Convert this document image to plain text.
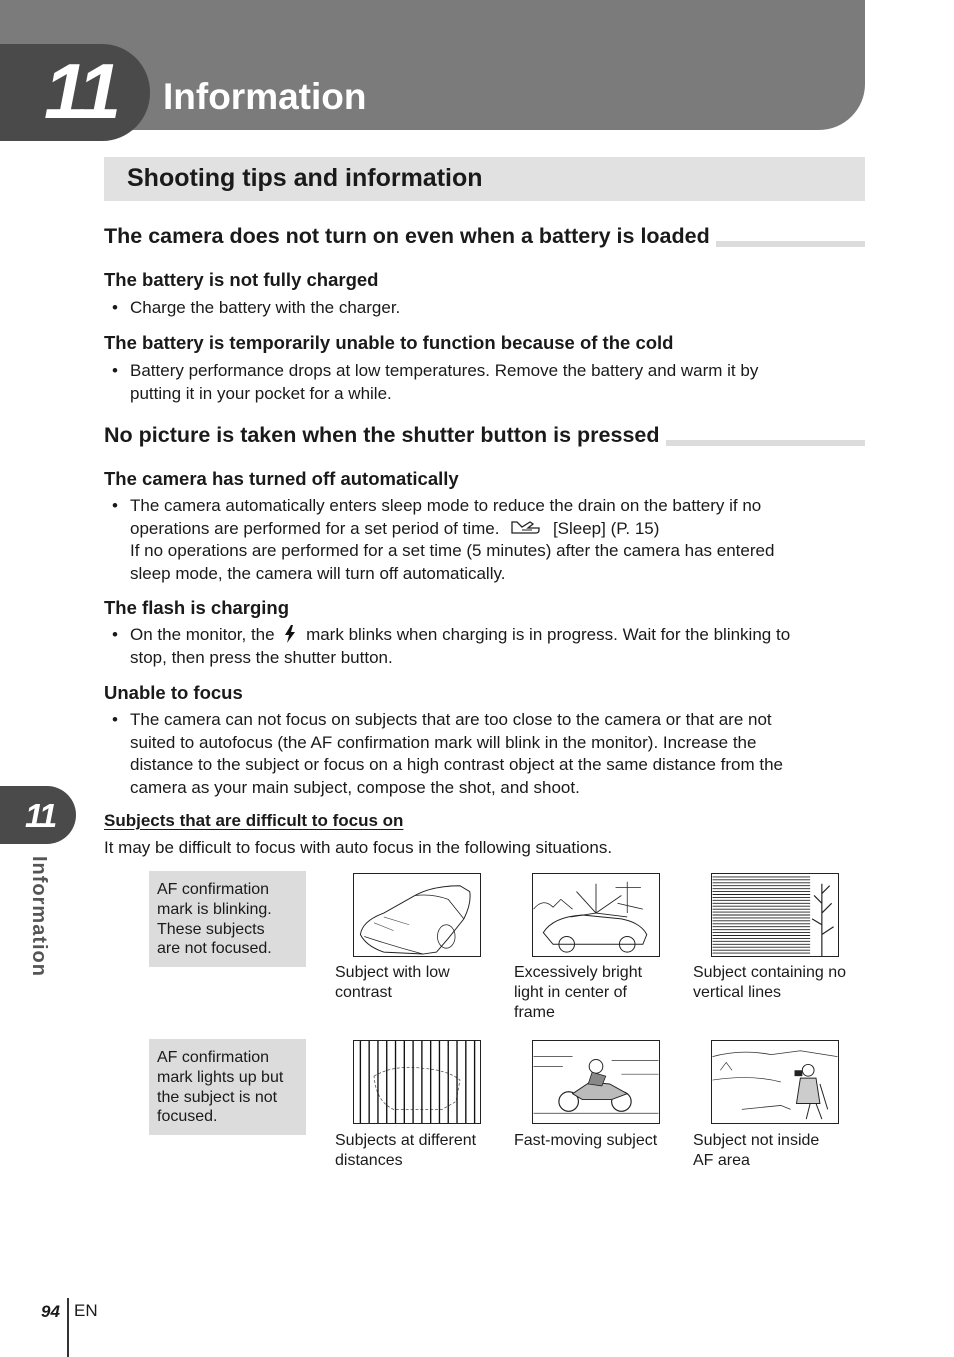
11 Information
Shooting tips and information
The camera does not turn on even when a battery is loaded
The battery is not fully charged
• Charge the battery with the charger.
The battery is temporarily unable to function because of the cold
• Battery performance drops at low temperatures. Remove the battery and warm it by
putting it in your pocket for a while.
No picture is taken when the shutter button is pressed
The camera has turned off automatically
• The camera automatically enters sleep mode to reduce the drain on the battery if no
operations are performed for a set period of time.	[Sleep] (P. 15)
If no operations are performed for a set time (5 minutes) after the camera has entered
sleep mode, the camera will turn off automatically.
The flash is charging
• On the monitor, the mark blinks when charging is in progress. Wait for the blinking to
stop, then press the shutter button.
Unable to focus
• The camera can not focus on subjects that are too close to the camera or that are not
suited to autofocus (the AF confirmation mark will blink in the monitor). Increase the
distance to the subject or focus on a high contrast object at the same distance from the
camera as your main subject, compose the shot, and shoot.
Subjects that are difficult to focus on
It may be difficult to focus with auto focus in the following situations.
AF confirmation
mark is blinking.
These subjects
are not focused.
Subject with low
contrast
Excessively bright
light in center of
frame
Subject containing no
vertical lines
AF confirmation
mark lights up but
the subject is not
focused.
Subjects at different
distances
Fast-moving subject	Subject not inside
AF area
11
Information
94 EN
